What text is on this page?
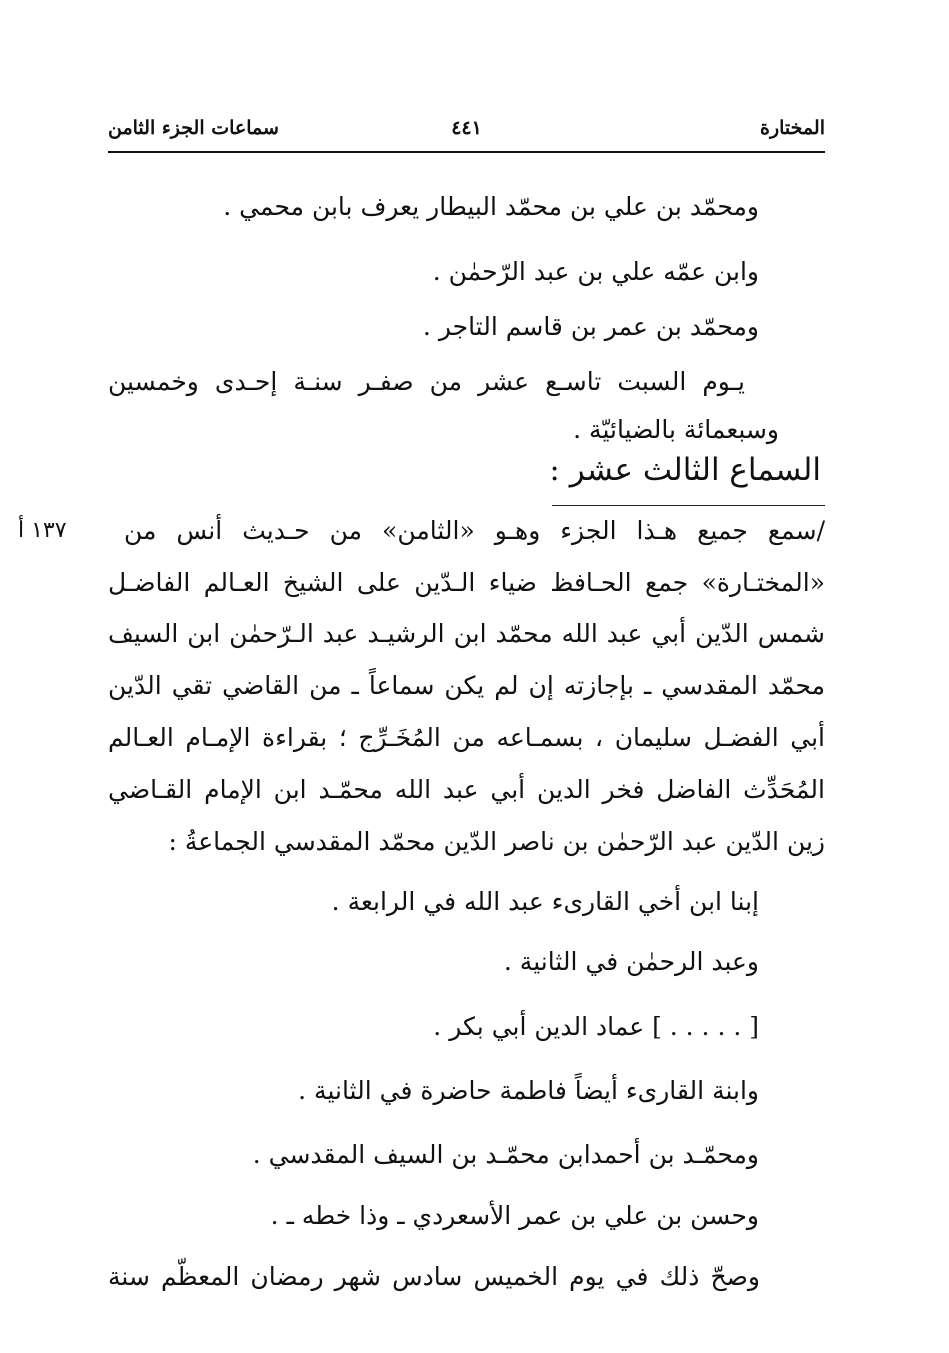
المختارة
٤٤١
سماعات الجزء الثامن
ومحمّد بن علي بن محمّد البيطار يعرف بابن محمي .
وابن عمّه علي بن عبد الرّحمٰن .
ومحمّد بن عمر بن قاسم التاجر .
يـوم السبت تاسـع عشر من صفـر سنـة إحـدى وخمسين
وسبعمائة بالضيائيّة .
السماع الثالث عشر :
١٣٧ أ /سمع جميع هـذا الجزء وهـو «الثامن» من حـديث أنس من
«المختـارة» جمع الحـافظ ضياء الـدّين على الشيخ العـالم الفاضـل
شمس الدّين أبي عبد الله محمّد ابن الرشيـد عبد الـرّحمٰن ابن السيف
محمّد المقدسي ـ بإجازته إن لم يكن سماعاً ـ من القاضي تقي الدّين
أبي الفضـل سليمان ، بسمـاعه من المُخَـرِّج ؛ بقراءة الإمـام العـالم
المُحَدِّث الفاضل فخر الدين أبي عبد الله محمّـد ابن الإمام القـاضي
زين الدّين عبد الرّحمٰن بن ناصر الدّين محمّد المقدسي الجماعةُ :
إبنا ابن أخي القارىء عبد الله في الرابعة .
وعبد الرحمٰن في الثانية .
[ . . . . . ] عماد الدين أبي بكر .
وابنة القارىء أيضاً فاطمة حاضرة في الثانية .
ومحمّـد بن أحمدابن محمّـد بن السيف المقدسي .
وحسن بن علي بن عمر الأسعردي ـ وذا خطه ـ .
وصحّ ذلك في يوم الخميس سادس شهر رمضان المعظّم سنة
